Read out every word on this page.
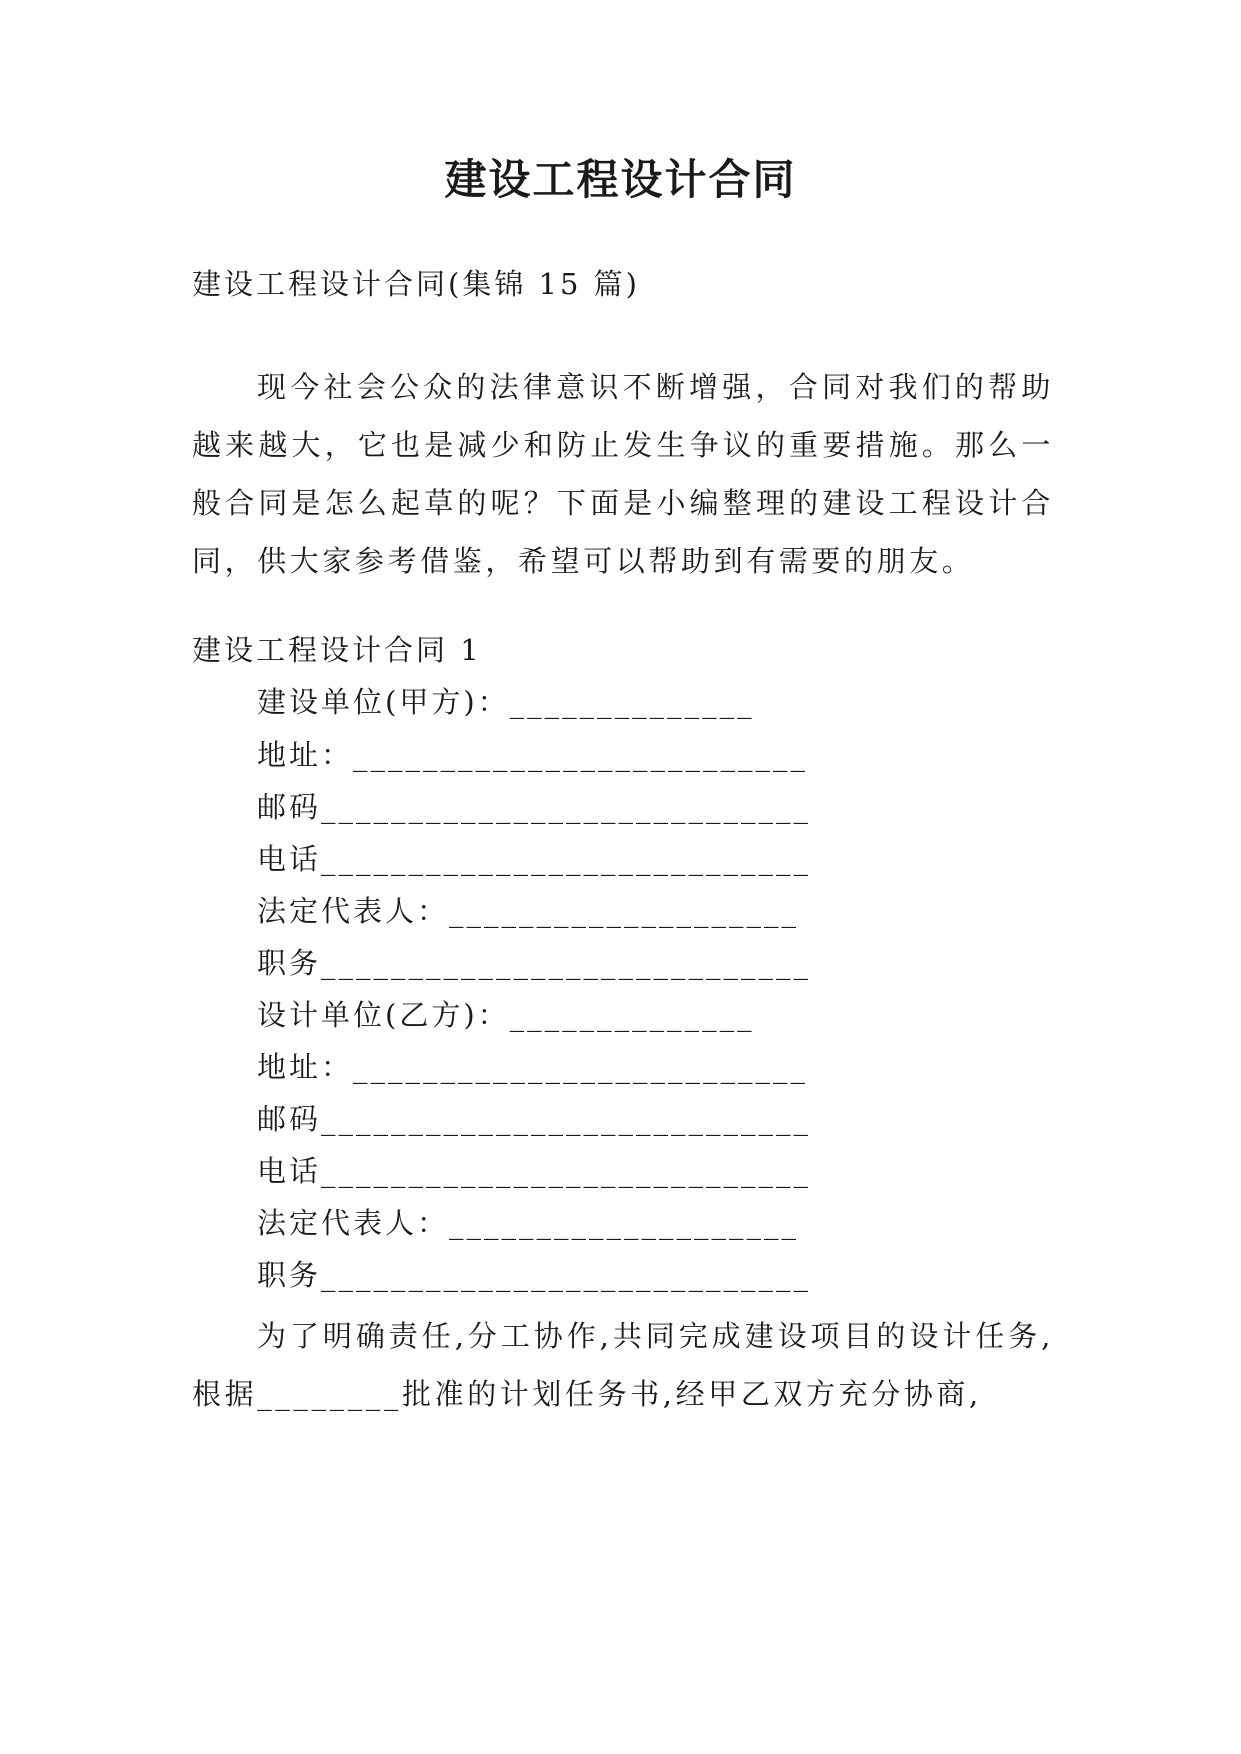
建设工程设计合同
建设工程设计合同(集锦 15 篇)
现今社会公众的法律意识不断增强，合同对我们的帮助越来越大，它也是减少和防止发生争议的重要措施。那么一般合同是怎么起草的呢？下面是小编整理的建设工程设计合同，供大家参考借鉴，希望可以帮助到有需要的朋友。
建设工程设计合同 1
建设单位(甲方)：______________
地址：__________________________
邮码____________________________
电话____________________________
法定代表人：____________________
职务____________________________
设计单位(乙方)：______________
地址：__________________________
邮码____________________________
电话____________________________
法定代表人：____________________
职务____________________________
为了明确责任,分工协作,共同完成建设项目的设计任务,根据________批准的计划任务书,经甲乙双方充分协商,
